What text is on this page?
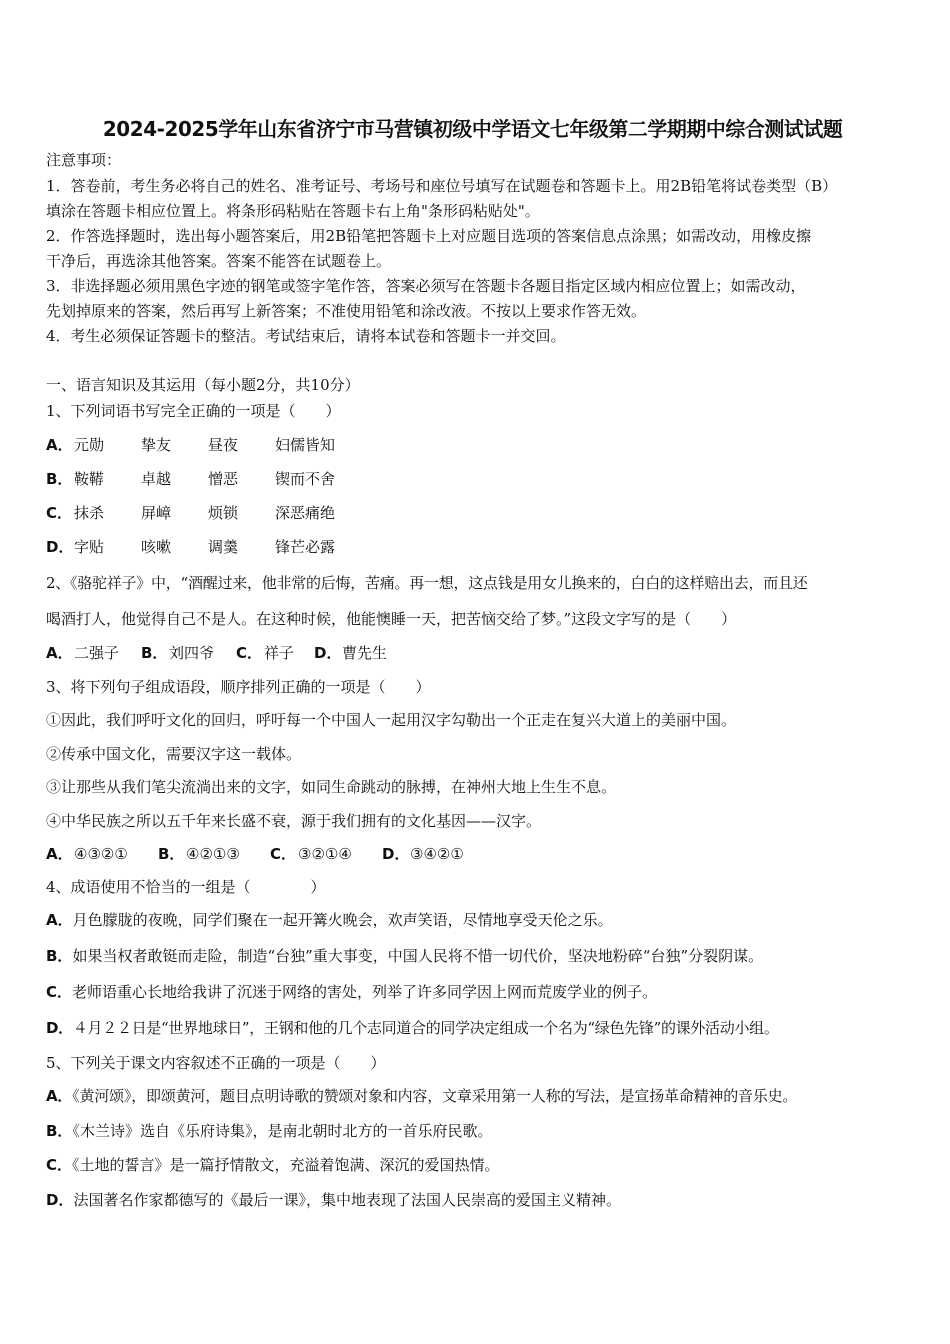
2024-2025学年山东省济宁市马营镇初级中学语文七年级第二学期期中综合测试试题
注意事项：
1．答卷前，考生务必将自己的姓名、准考证号、考场号和座位号填写在试题卷和答题卡上。用2B铅笔将试卷类型（B）
填涂在答题卡相应位置上。将条形码粘贴在答题卡右上角"条形码粘贴处"。
2．作答选择题时，选出每小题答案后，用2B铅笔把答题卡上对应题目选项的答案信息点涂黑；如需改动，用橡皮擦
干净后，再选涂其他答案。答案不能答在试题卷上。
3．非选择题必须用黑色字迹的钢笔或签字笔作答，答案必须写在答题卡各题目指定区域内相应位置上；如需改动，
先划掉原来的答案，然后再写上新答案；不准使用铅笔和涂改液。不按以上要求作答无效。
4．考生必须保证答题卡的整洁。考试结束后，请将本试卷和答题卡一并交回。
一、语言知识及其运用（每小题2分，共10分）
1、下列词语书写完全正确的一项是（　　）
A． 元勋 挚友 昼夜 妇儒皆知
B． 鞍鞯 卓越 憎恶 锲而不舍
C． 抹杀 屏嶂 烦锁 深恶痛绝
D． 字贴 咳嗽 调羹 锋芒必露
2、《骆驼祥子》中，“酒醒过来，他非常的后悔，苦痛。再一想，这点钱是用女儿换来的，白白的这样赔出去，而且还
喝酒打人，他觉得自己不是人。在这种时候，他能懊睡一天，把苦恼交给了梦。”这段文字写的是（　　）
A． 二强子 B． 刘四爷 C． 祥子 D． 曹先生
3、将下列句子组成语段，顺序排列正确的一项是（　　）
①因此，我们呼吁文化的回归，呼吁每一个中国人一起用汉字勾勒出一个正走在复兴大道上的美丽中国。
②传承中国文化，需要汉字这一载体。
③让那些从我们笔尖流淌出来的文字，如同生命跳动的脉搏，在神州大地上生生不息。
④中华民族之所以五千年来长盛不衰，源于我们拥有的文化基因——汉字。
A． ④③②① B． ④②①③ C． ③②①④ D． ③④②①
4、成语使用不恰当的一组是（　　　　）
A．月色朦胧的夜晚，同学们聚在一起开篝火晚会，欢声笑语，尽情地享受天伦之乐。
B．如果当权者敢铤而走险，制造“台独”重大事变，中国人民将不惜一切代价，坚决地粉碎“台独”分裂阴谋。
C．老师语重心长地给我讲了沉迷于网络的害处，列举了许多同学因上网而荒废学业的例子。
D．４月２２日是“世界地球日”，王钢和他的几个志同道合的同学决定组成一个名为“绿色先锋”的课外活动小组。
5、下列关于课文内容叙述不正确的一项是（　　）
A．《黄河颂》，即颂黄河，题目点明诗歌的赞颂对象和内容，文章采用第一人称的写法，是宣扬革命精神的音乐史。
B．《木兰诗》选自《乐府诗集》，是南北朝时北方的一首乐府民歌。
C．《土地的誓言》是一篇抒情散文，充溢着饱满、深沉的爱国热情。
D．法国著名作家都德写的《最后一课》，集中地表现了法国人民崇高的爱国主义精神。
